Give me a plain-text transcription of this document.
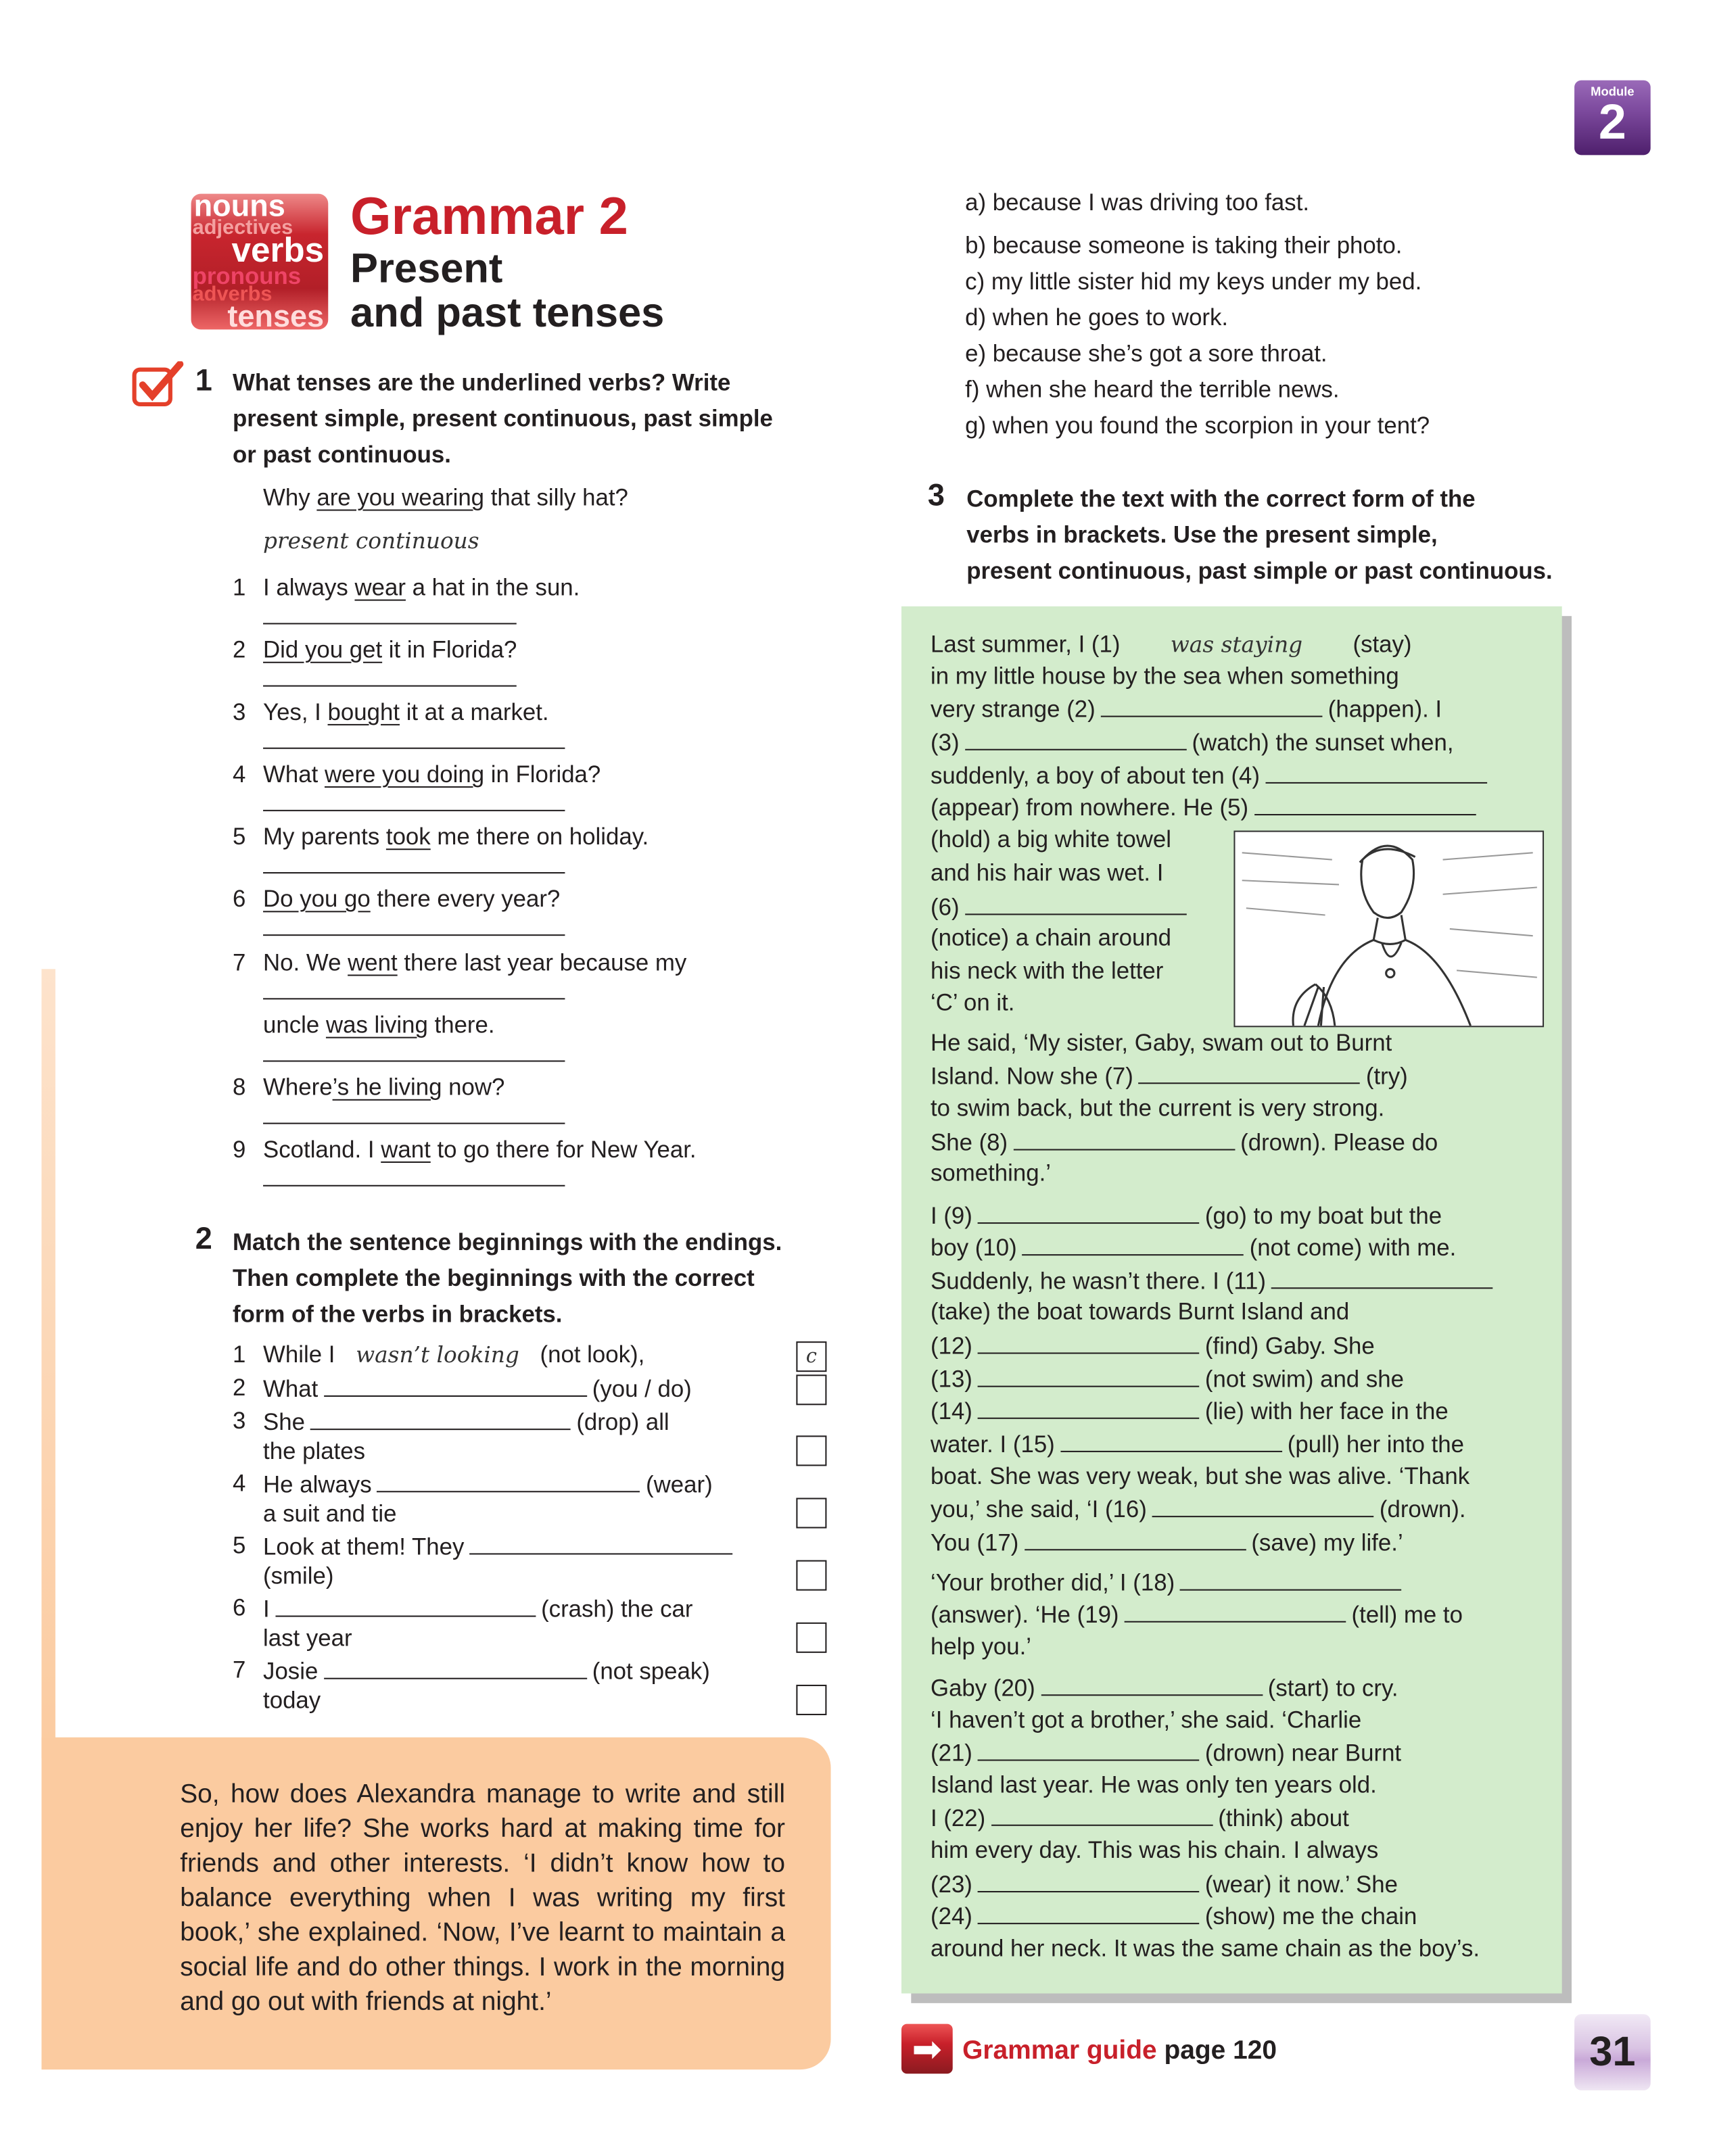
Module
2
nouns
adjectives
verbs
pronouns
adverbs
tenses
Grammar 2
Present
and past tenses
1
2
So, how does Alexandra manage to write and still enjoy her life? She works hard at making time for friends and other interests. ‘I didn’t know how to balance everything when I was writing my first book,’ she explained. ‘Now, I’ve learnt to maintain a social life and do other things. I work in the morning and go out with friends at night.’
3
➡	Grammar guide page 120	31
What tenses are the underlined verbs? Write
present simple, present continuous, past simple
or past continuous.
Why are you wearing that silly hat?
present continuous
1 I always wear a hat in the sun.
2 Did you get it in Florida?
3 Yes, I bought it at a market.
4 What were you doing in Florida?
5 My parents took me there on holiday.
6 Do you go there every year?
7 No. We went there last year because my
uncle was living there.
8 Where’s he living now?
9 Scotland. I want to go there for New Year.
Match the sentence beginnings with the endings.
Then complete the beginnings with the correct
form of the verbs in brackets.
1 While I wasn’t looking (not look),	c
2 What	(you / do)
3 She	(drop) all
the plates
4 He always	(wear)
a suit and tie
5 Look at them! They
(smile)
6 I	(crash) the car
last year
7 Josie	(not speak)
today
a) because I was driving too fast.
b) because someone is taking their photo.
c) my little sister hid my keys under my bed.
d) when he goes to work.
e) because she’s got a sore throat.
f) when she heard the terrible news.
g) when you found the scorpion in your tent?
Complete the text with the correct form of the
verbs in brackets. Use the present simple,
present continuous, past simple or past continuous.
Last summer, I (1)	was staying	(stay)
in my little house by the sea when something
very strange (2)	(happen). I
(3)	(watch) the sunset when,
suddenly, a boy of about ten (4)
(appear) from nowhere. He (5)
(hold) a big white towel
and his hair was wet. I
(6)
(notice) a chain around
his neck with the letter
‘C’ on it.
He said, ‘My sister, Gaby, swam out to Burnt
Island. Now she (7)	(try)
to swim back, but the current is very strong.
She (8)	(drown). Please do
something.’
I (9)	(go) to my boat but the
boy (10)	(not come) with me.
Suddenly, he wasn’t there. I (11)
(take) the boat towards Burnt Island and
(12)	(find) Gaby. She
(13)	(not swim) and she
(14)	(lie) with her face in the
water. I (15)	(pull) her into the
boat. She was very weak, but she was alive. ‘Thank
you,’ she said, ‘I (16)	(drown).
You (17)	(save) my life.’
‘Your brother did,’ I (18)
(answer). ‘He (19)	(tell) me to
help you.’
Gaby (20)	(start) to cry.
‘I haven’t got a brother,’ she said. ‘Charlie
(21)	(drown) near Burnt
Island last year. He was only ten years old.
I (22)	(think) about
him every day. This was his chain. I always
(23)	(wear) it now.’ She
(24)	(show) me the chain
around her neck. It was the same chain as the boy’s.
